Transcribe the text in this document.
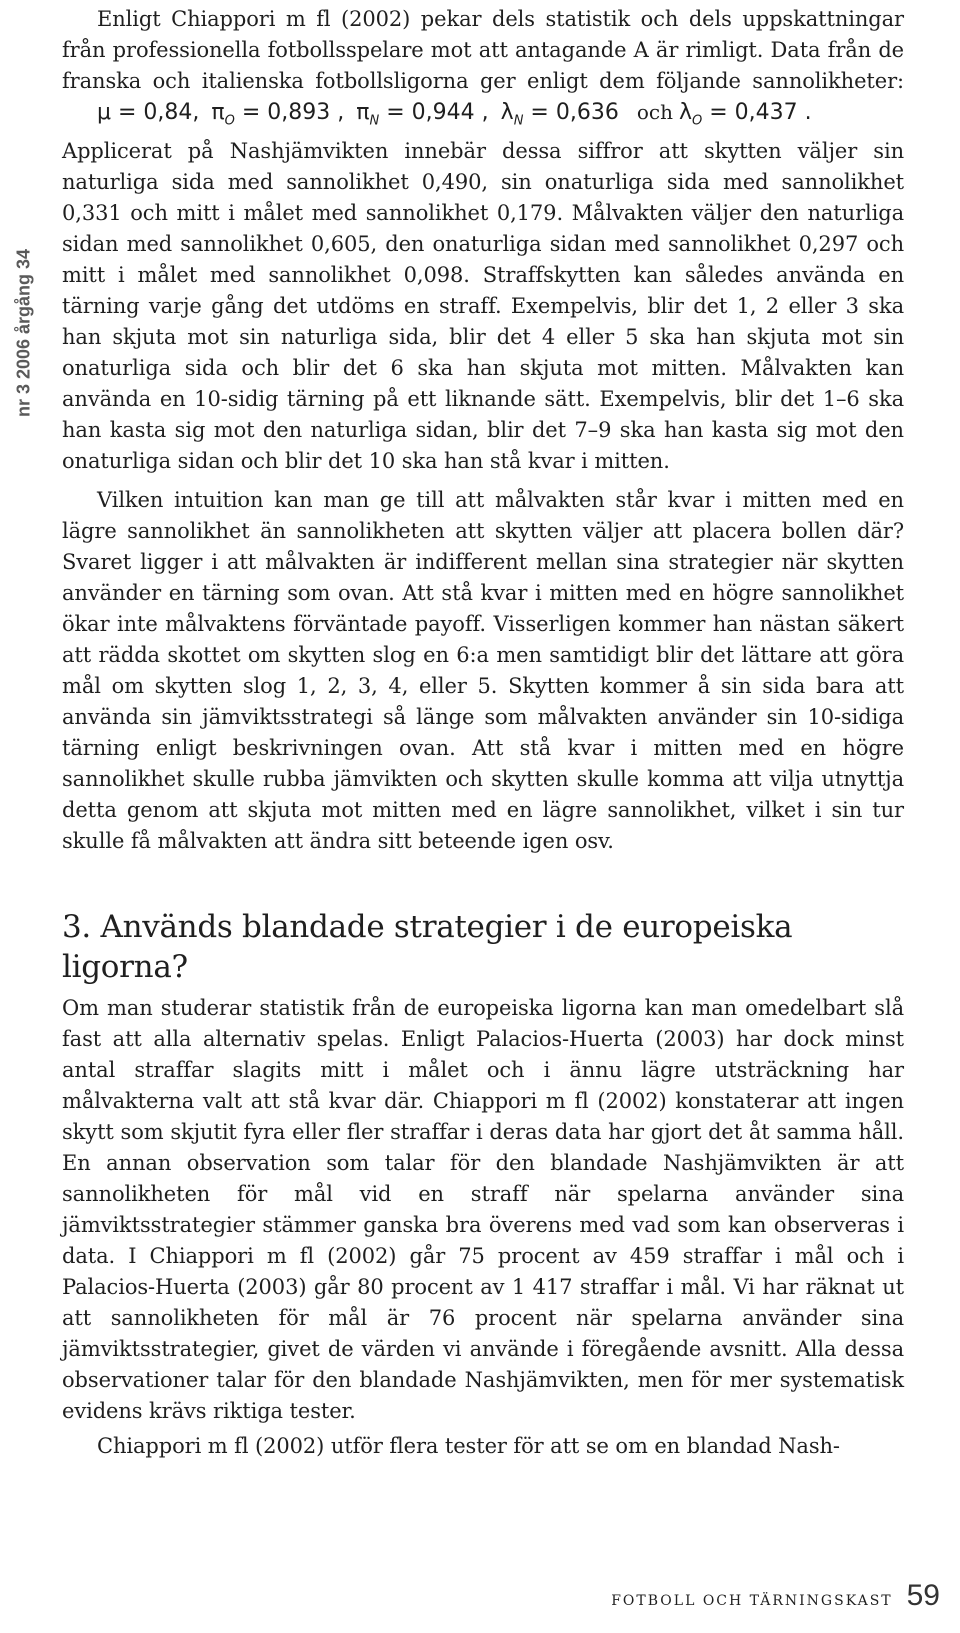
nr 3 2006 årgång 34

Enligt Chiappori m fl (2002) pekar dels statistik och dels uppskattningar från professionella fotbollsspelare mot att antagande A är rimligt. Data från de franska och italienska fotbollsligorna ger enligt dem följande sannolikheter: μ = 0,84, $\pi_O = 0,893$ , $\pi_N = 0,944$ , $\lambda_N = 0,636$ och $\lambda_O = 0,437$ . Applicerat på Nashjämvikten innebär dessa siffror att skytten väljer sin naturliga sida med sannolikhet 0,490, sin onaturliga sida med sannolikhet 0,331 och mitt i målet med sannolikhet 0,179. Målvakten väljer den naturliga sidan med sannolikhet 0,605, den onaturliga sidan med sannolikhet 0,297 och mitt i målet med sannolikhet 0,098. Straffskytten kan således använda en tärning varje gång det utdöms en straff. Exempelvis, blir det 1, 2 eller 3 ska han skjuta mot sin naturliga sida, blir det 4 eller 5 ska han skjuta mot sin onaturliga sida och blir det 6 ska han skjuta mot mitten. Målvakten kan använda en 10-sidig tärning på ett liknande sätt. Exempelvis, blir det 1–6 ska han kasta sig mot den naturliga sidan, blir det 7–9 ska han kasta sig mot den onaturliga sidan och blir det 10 ska han stå kvar i mitten.

Vilken intuition kan man ge till att målvakten står kvar i mitten med en lägre sannolikhet än sannolikheten att skytten väljer att placera bollen där? Svaret ligger i att målvakten är indifferent mellan sina strategier när skytten använder en tärning som ovan. Att stå kvar i mitten med en högre sannolikhet ökar inte målvaktens förväntade payoff. Visserligen kommer han nästan säkert att rädda skottet om skytten slog en 6:a men samtidigt blir det lättare att göra mål om skytten slog 1, 2, 3, 4, eller 5. Skytten kommer å sin sida bara att använda sin jämviktsstrategi så länge som målvakten använder sin 10-sidiga tärning enligt beskrivningen ovan. Att stå kvar i mitten med en högre sannolikhet skulle rubba jämvikten och skytten skulle komma att vilja utnyttja detta genom att skjuta mot mitten med en lägre sannolikhet, vilket i sin tur skulle få målvakten att ändra sitt beteende igen osv.

3. Används blandade strategier i de europeiska ligorna?

Om man studerar statistik från de europeiska ligorna kan man omedelbart slå fast att alla alternativ spelas. Enligt Palacios-Huerta (2003) har dock minst antal straffar slagits mitt i målet och i ännu lägre utsträckning har målvakterna valt att stå kvar där. Chiappori m fl (2002) konstaterar att ingen skytt som skjutit fyra eller fler straffar i deras data har gjort det åt samma håll. En annan observation som talar för den blandade Nashjämvikten är att sannolikheten för mål vid en straff när spelarna använder sina jämviktsstrategier stämmer ganska bra överens med vad som kan observeras i data. I Chiappori m fl (2002) går 75 procent av 459 straffar i mål och i Palacios-Huerta (2003) går 80 procent av 1 417 straffar i mål. Vi har räknat ut att sannolikheten för mål är 76 procent när spelarna använder sina jämviktsstrategier, givet de värden vi använde i föregående avsnitt. Alla dessa observationer talar för den blandade Nashjämvikten, men för mer systematisk evidens krävs riktiga tester.

Chiappori m fl (2002) utför flera tester för att se om en blandad Nash-

FOTBOLL OCH TÄRNINGSKAST 59
